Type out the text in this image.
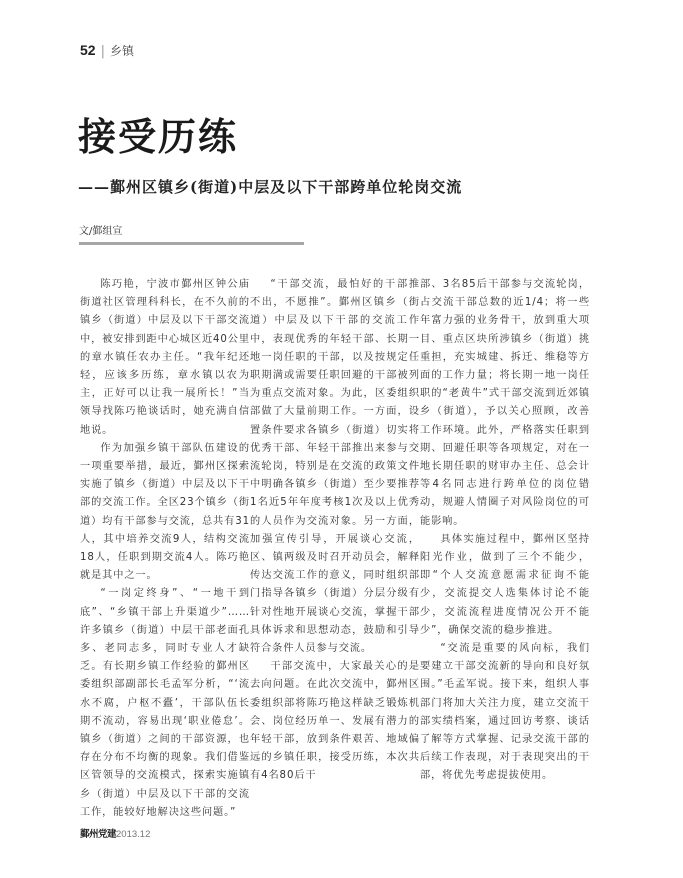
52 | 乡镇
接受历练
——鄞州区镇乡(街道)中层及以下干部跨单位轮岗交流
文/鄞组宣

陈巧艳，宁波市鄞州区钟公庙街道社区管理科科长，在不久前的镇乡（街道）中层及以下干部交流中，被安排到距中心城区近40公里的章水镇任农办主任。“我年纪还轻，应该多历练，章水镇以农为主，正好可以让我一展所长！”当领导找陈巧艳谈话时，她充满自信地说。

作为加强乡镇干部队伍建设的一项重要举措，最近，鄞州区探索实施了镇乡（街道）中层及以下干部的交流工作。全区23个镇乡（街道）均有干部参与交流，总共有31人，其中培养交流9人，结构交流18人，任职到期交流4人。陈巧艳就是其中之一。

“一岗定终身”、“一地干到底”、“乡镇干部上升渠道少”……许多镇乡（街道）中层干部老面孔多、老同志多，同时专业人才缺乏。有长期乡镇工作经验的鄞州区委组织部副部长毛孟军分析，“‘流水不腐，户枢不蠹’，干部队伍长期不流动，容易出现‘职业倦怠’。镇乡（街道）之间的干部资源，也存在分布不均衡的现象。我们借鉴区管领导的交流模式，探索实施镇乡（街道）中层及以下干部的交流工作，能较好地解决这些问题。”

“干部交流，最怕好的干部推不出，不愿推”。鄞州区镇乡（街道）中层及以下干部的交流工作中，表现优秀的年轻干部、长期一地一岗任职的干部，以及按规定任职期满或需要任职回避的干部被列为重点交流对象。为此，区委组织部做了大量前期工作。一方面，设置条件要求各镇乡（街道）切实将优秀干部、年轻干部推出来参与交流轮岗，特别是在交流的政策文件中明确各镇乡（街道）至少要推荐1名近5年年度考核1次及以上优秀的人员作为交流对象。另一方面，加强宣传引导，开展谈心交流，区、镇两级及时召开动员会，解释传达交流工作的意义，同时组织部门指导各镇乡（街道）分层分级有针对性地开展谈心交流，掌握干部具体诉求和思想动态，鼓励和引导符合条件人员参与交流。

干部交流中，大家最关心的是去向问题。在此次交流中，鄞州区委组织部将陈巧艳这样缺乏锻炼机会、岗位经历单一、发展有潜力的年轻干部，放到条件艰苦、地域偏远的乡镇任职，接受历练，本次共有4名80后干

部、3名85后干部参与交流轮岗，占交流干部总数的近1/4；将一些年富力强的业务骨干，放到重大项目、重点区块所涉镇乡（街道）挑重担，充实城建、拆迁、维稳等方面的工作力量；将长期一地一岗任职的“老黄牛”式干部交流到近郊镇乡（街道），予以关心照顾，改善工作环境。此外，严格落实任职到期、回避任职等各项规定，对在一地长期任职的财审办主任、总会计等4名同志进行跨单位的岗位错动，规避人情圈子对风险岗位的可能影响。

具体实施过程中，鄞州区坚持阳光作业，做到了三个不能少，即“个人交流意愿需求征询不能少，交流提交人选集体讨论不能少，交流流程进度情况公开不能少”，确保交流的稳步推进。

“交流是重要的风向标，我们要建立干部交流新的导向和良好氛围。”毛孟军说。接下来，组织人事部门将加大关注力度，建立交流干部实绩档案，通过回访考察、谈话了解等方式掌握、记录交流干部的后续工作表现，对于表现突出的干部，将优先考虑提拔使用。

鄞州党建2013.12
